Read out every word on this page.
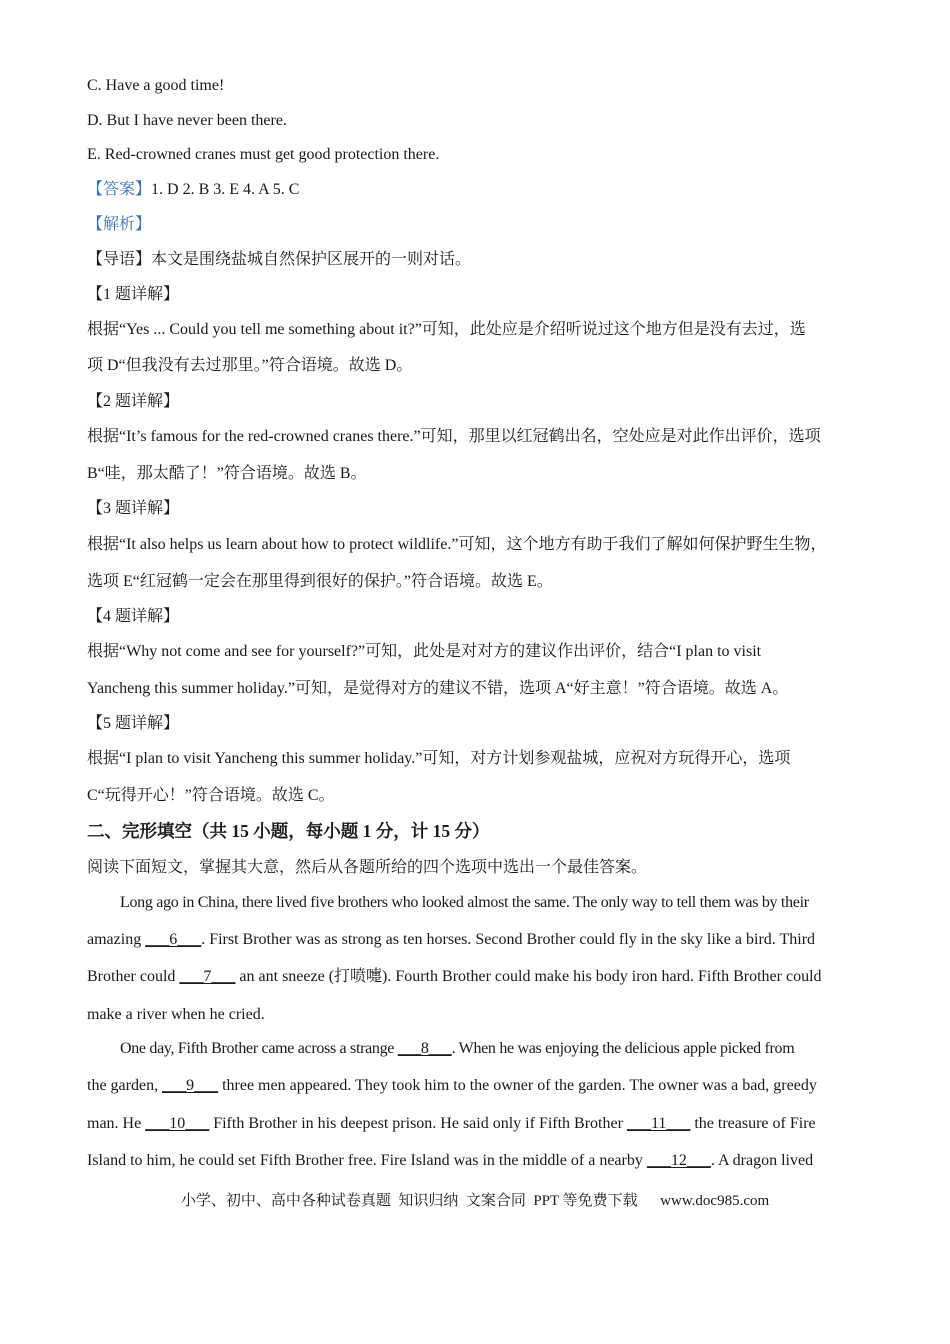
C. Have a good time!
D. But I have never been there.
E. Red-crowned cranes must get good protection there.
【答案】1. D 2. B 3. E 4. A 5. C
【解析】
【导语】本文是围绕盐城自然保护区展开的一则对话。
【1 题详解】
根据“Yes ... Could you tell me something about it?”可知，此处应是介绍听说过这个地方但是没有去过，选
项 D“但我没有去过那里。”符合语境。故选 D。
【2 题详解】
根据“It’s famous for the red-crowned cranes there.”可知，那里以红冠鹤出名，空处应是对此作出评价，选项
B“哇，那太酷了！”符合语境。故选 B。
【3 题详解】
根据“It also helps us learn about how to protect wildlife.”可知，这个地方有助于我们了解如何保护野生生物，
选项 E“红冠鹤一定会在那里得到很好的保护。”符合语境。故选 E。
【4 题详解】
根据“Why not come and see for yourself?”可知，此处是对对方的建议作出评价，结合“I plan to visit
Yancheng this summer holiday.”可知，是觉得对方的建议不错，选项 A“好主意！”符合语境。故选 A。
【5 题详解】
根据“I plan to visit Yancheng this summer holiday.”可知，对方计划参观盐城，应祝对方玩得开心，选项
C“玩得开心！”符合语境。故选 C。
二、完形填空（共 15 小题，每小题 1 分，计 15 分）
阅读下面短文，掌握其大意，然后从各题所给的四个选项中选出一个最佳答案。
Long ago in China, there lived five brothers who looked almost the same. The only way to tell them was by their
amazing ___6___. First Brother was as strong as ten horses. Second Brother could fly in the sky like a bird. Third
Brother could ___7___ an ant sneeze (打喷嚏). Fourth Brother could make his body iron hard. Fifth Brother could
make a river when he cried.
One day, Fifth Brother came across a strange ___8___. When he was enjoying the delicious apple picked from
the garden, ___9___ three men appeared. They took him to the owner of the garden. The owner was a bad, greedy
man. He ___10___ Fifth Brother in his deepest prison. He said only if Fifth Brother ___11___ the treasure of Fire
Island to him, he could set Fifth Brother free. Fire Island was in the middle of a nearby ___12___. A dragon lived
小学、初中、高中各种试卷真题  知识归纳  文案合同  PPT 等免费下载      www.doc985.com
